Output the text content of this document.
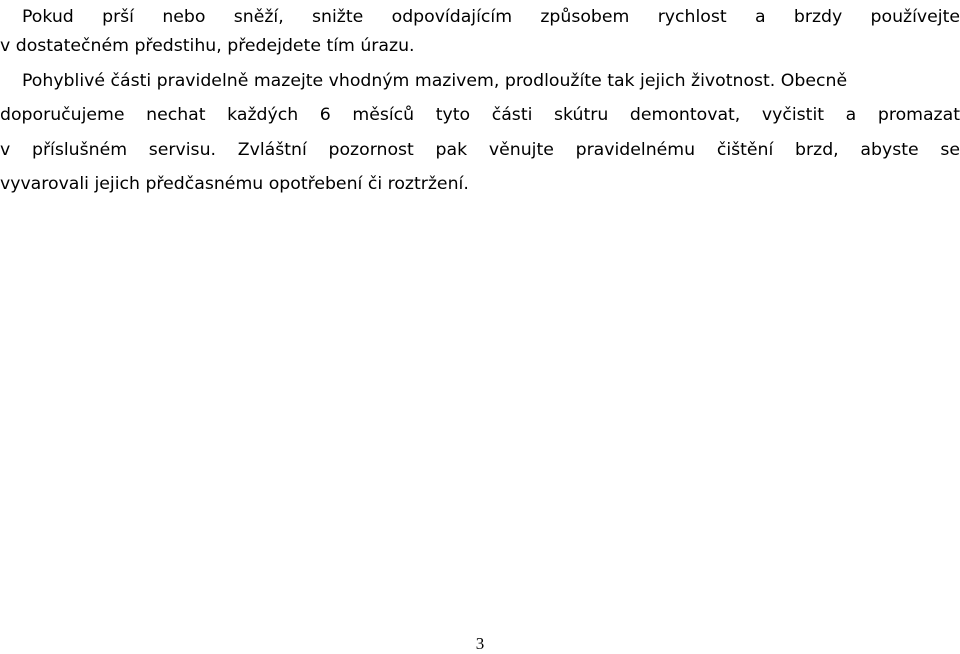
Pokud prší nebo sněží, snižte odpovídajícím způsobem rychlost a brzdy používejte
v dostatečném předstihu, předejdete tím úrazu.
Pohyblivé části pravidelně mazejte vhodným mazivem, prodloužíte tak jejich životnost. Obecně
doporučujeme nechat každých 6 měsíců tyto části skútru demontovat, vyčistit a promazat
v příslušném servisu. Zvláštní pozornost pak věnujte pravidelnému čištění brzd, abyste se
vyvarovali jejich předčasnému opotřebení či roztržení.
3
